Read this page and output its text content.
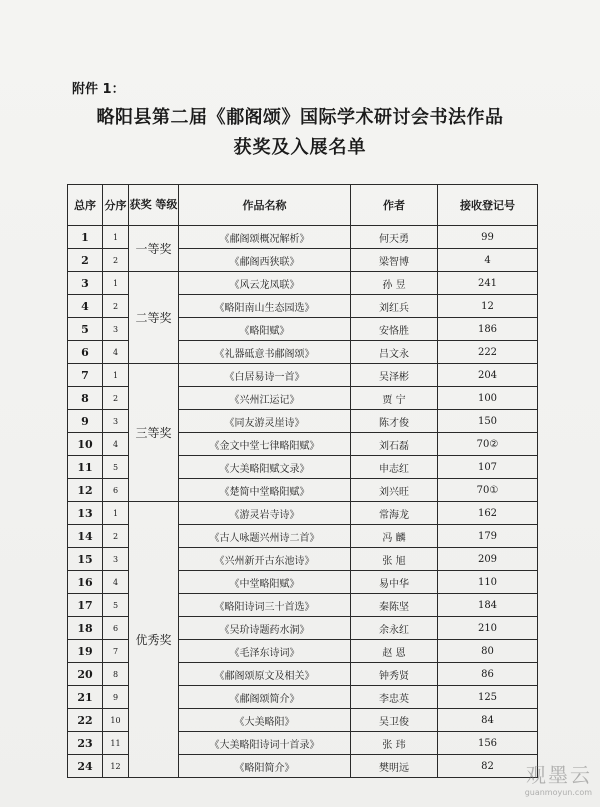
附件 1：
略阳县第二届《郙阁颂》国际学术研讨会书法作品
获奖及入展名单
总序	分序	获奖 等级	作品名称	作者	接收登记号
1	1	一等奖	《郙阁颂概况解析》	何天勇	99
2	2		《郙阁西狭联》	梁智博	4
3	1	二等奖	《风云龙凤联》	孙 昱	241
4	2		《略阳南山生态园选》	刘红兵	12
5	3		《略阳赋》	安恪胜	186
6	4		《礼器砥意书郙阁颂》	吕文永	222
7	1	三等奖	《白居易诗一首》	吴泽彬	204
8	2		《兴州江运记》	贾 宁	100
9	3		《同友游灵崖诗》	陈才俊	150
10	4		《金文中堂七律略阳赋》	刘石磊	70②
11	5		《大美略阳赋文录》	申志红	107
12	6		《楚简中堂略阳赋》	刘兴旺	70①
13	1	优秀奖	《游灵岩寺诗》	常海龙	162
14	2		《古人咏题兴州诗二首》	冯 麟	179
15	3		《兴州新开古东池诗》	张 旭	209
16	4		《中堂略阳赋》	易中华	110
17	5		《略阳诗词三十首选》	秦陈坚	184
18	6		《吴玠诗题药水洞》	余永红	210
19	7		《毛泽东诗词》	赵 恩	80
20	8		《郙阁颂原文及相关》	钟秀贤	86
21	9		《郙阁颂简介》	李忠英	125
22	10		《大美略阳》	吴卫俊	84
23	11		《大美略阳诗词十首录》	张 玮	156
24	12		《略阳简介》	樊明远	82 观墨云
guanmoyun.com
